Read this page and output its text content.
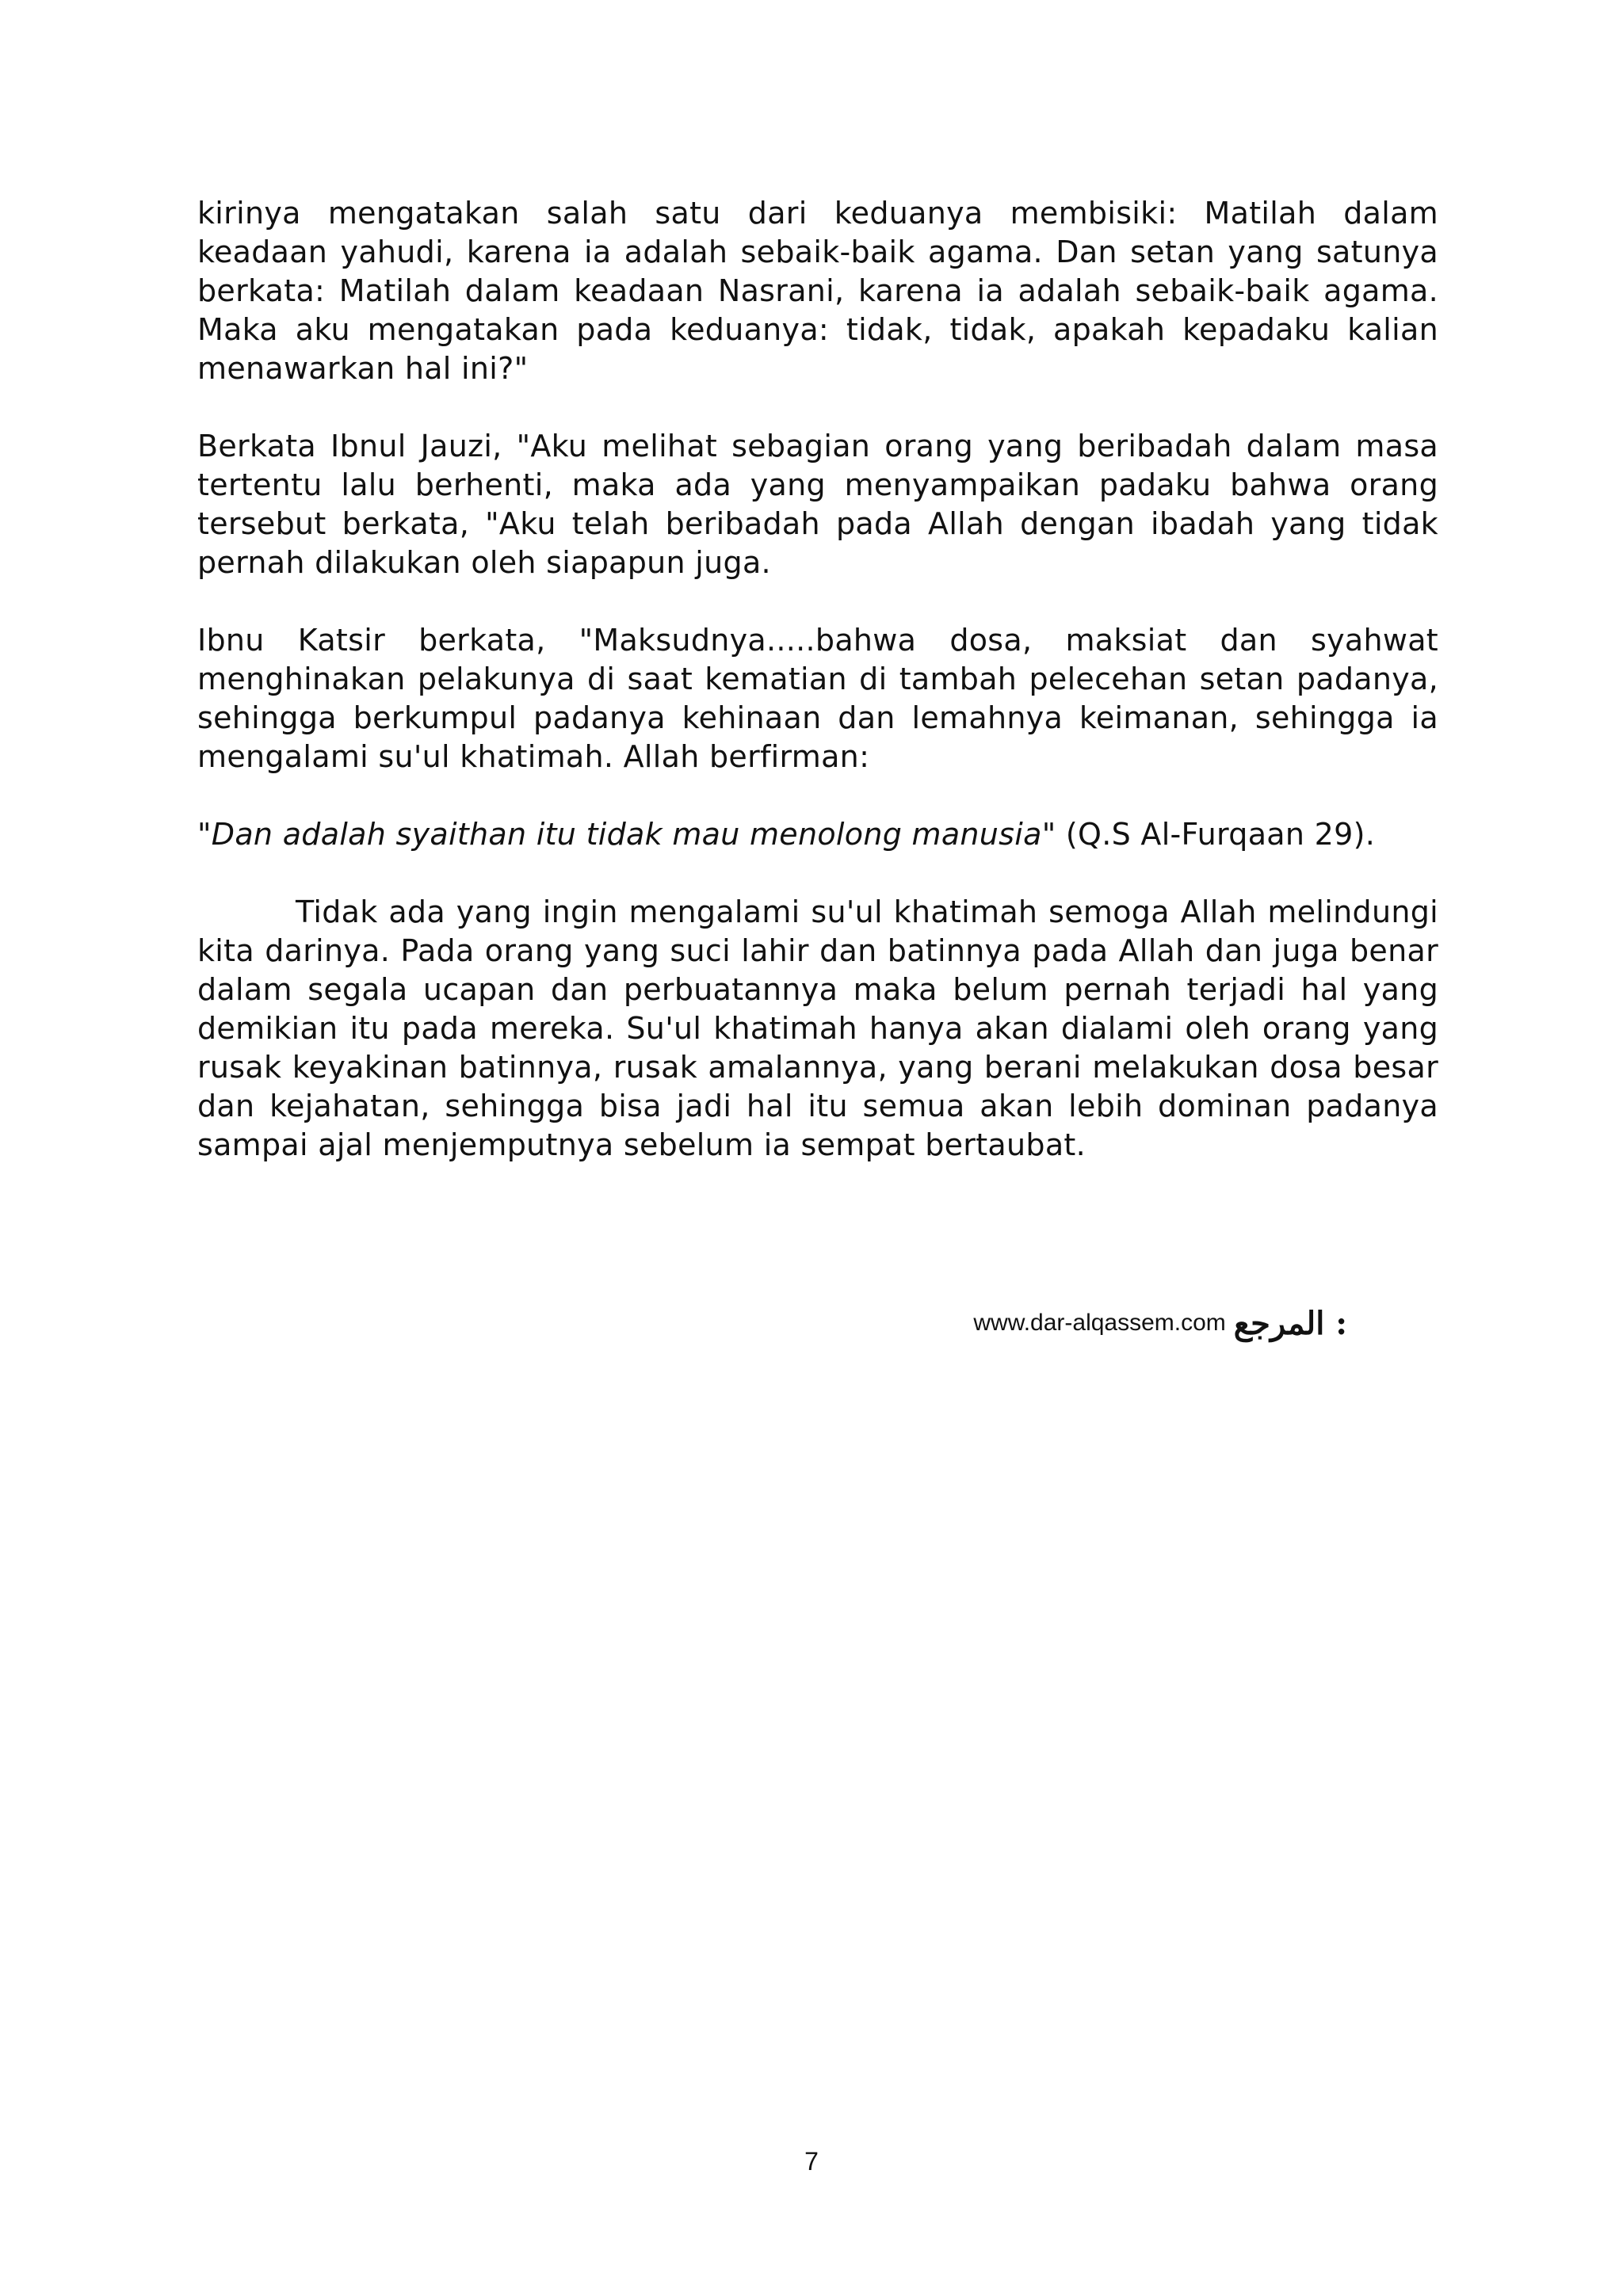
kirinya mengatakan salah satu dari keduanya membisiki: Matilah dalam keadaan yahudi, karena ia adalah sebaik-baik agama. Dan setan yang satunya berkata: Matilah dalam keadaan Nasrani, karena ia adalah sebaik-baik agama. Maka aku mengatakan pada keduanya: tidak, tidak, apakah kepadaku kalian menawarkan hal ini?"

Berkata Ibnul Jauzi, "Aku melihat sebagian orang yang beribadah dalam masa tertentu lalu berhenti, maka ada yang menyampaikan padaku bahwa orang tersebut berkata, "Aku telah beribadah pada Allah dengan ibadah yang tidak pernah dilakukan oleh siapapun juga.

Ibnu Katsir berkata, "Maksudnya.....bahwa dosa, maksiat dan syahwat menghinakan pelakunya di saat kematian di tambah pelecehan setan padanya, sehingga berkumpul padanya kehinaan dan lemahnya keimanan, sehingga ia mengalami su'ul khatimah. Allah berfirman:

"Dan adalah syaithan itu tidak mau menolong manusia" (Q.S Al-Furqaan 29).

Tidak ada yang ingin mengalami su'ul khatimah semoga Allah melindungi kita darinya. Pada orang yang suci lahir dan batinnya pada Allah dan juga benar dalam segala ucapan dan perbuatannya maka belum pernah terjadi hal yang demikian itu pada mereka. Su'ul khatimah hanya akan dialami oleh orang yang rusak keyakinan batinnya, rusak amalannya, yang berani melakukan dosa besar dan kejahatan, sehingga bisa jadi hal itu semua akan lebih dominan padanya sampai ajal menjemputnya sebelum ia sempat bertaubat.

www.dar-alqassem.com : المرجع
7
